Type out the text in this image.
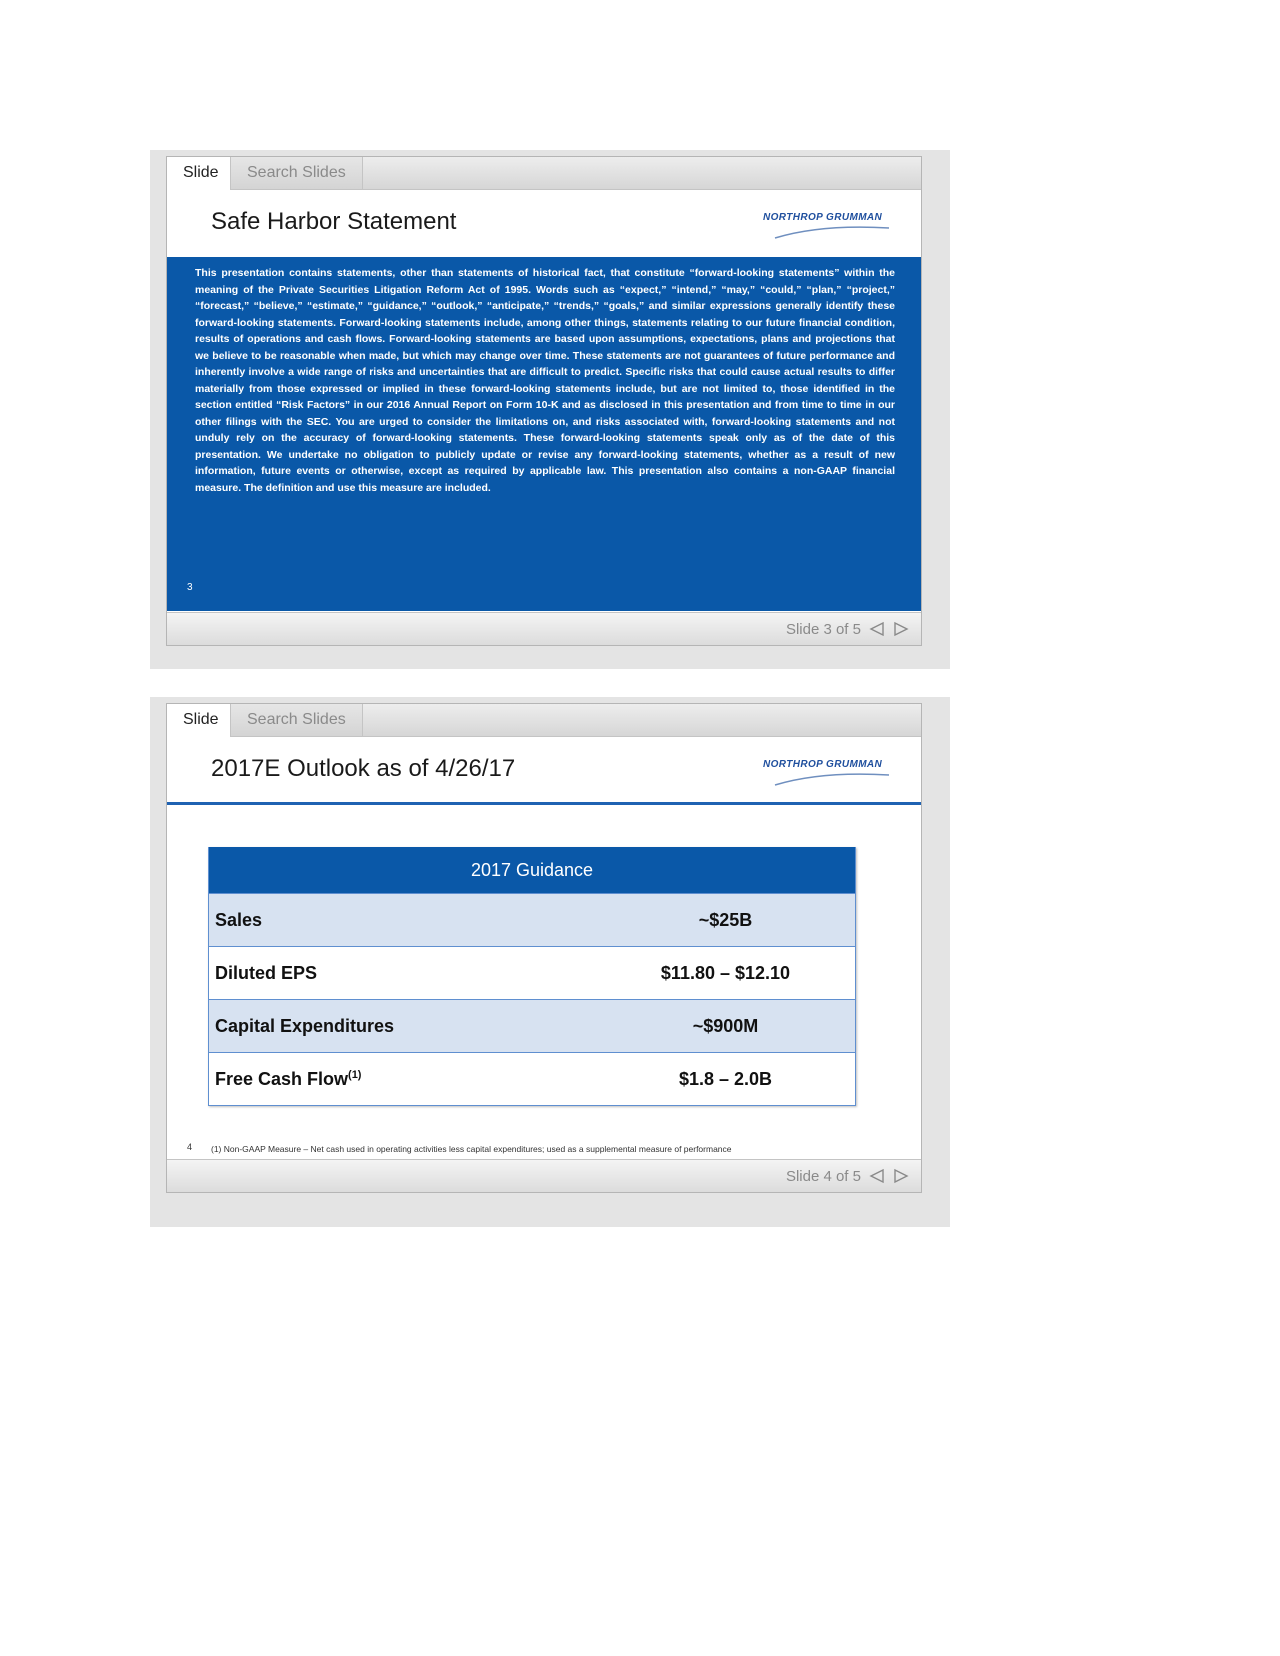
Slide	Search Slides
Safe Harbor Statement	NORTHROP GRUMMAN

This presentation contains statements, other than statements of historical fact, that constitute “forward-looking statements” within the meaning of the Private Securities Litigation Reform Act of 1995. Words such as “expect,” “intend,” “may,” “could,” “plan,” “project,” “forecast,” “believe,” “estimate,” “guidance,” “outlook,” “anticipate,” “trends,” “goals,” and similar expressions generally identify these forward-looking statements. Forward-looking statements include, among other things, statements relating to our future financial condition, results of operations and cash flows. Forward-looking statements are based upon assumptions, expectations, plans and projections that we believe to be reasonable when made, but which may change over time. These statements are not guarantees of future performance and inherently involve a wide range of risks and uncertainties that are difficult to predict. Specific risks that could cause actual results to differ materially from those expressed or implied in these forward-looking statements include, but are not limited to, those identified in the section entitled “Risk Factors” in our 2016 Annual Report on Form 10-K and as disclosed in this presentation and from time to time in our other filings with the SEC. You are urged to consider the limitations on, and risks associated with, forward-looking statements and not unduly rely on the accuracy of forward-looking statements. These forward-looking statements speak only as of the date of this presentation. We undertake no obligation to publicly update or revise any forward-looking statements, whether as a result of new information, future events or otherwise, except as required by applicable law. This presentation also contains a non-GAAP financial measure. The definition and use this measure are included.

3
Slide 3 of 5
Slide	Search Slides
2017E Outlook as of 4/26/17	NORTHROP GRUMMAN
2017 Guidance	
Sales	~$25B
Diluted EPS	$11.80 – $12.10
Capital Expenditures	~$900M
Free Cash Flow$^{(1)}$	$1.8 – 2.0B
4 (1) Non-GAAP Measure – Net cash used in operating activities less capital expenditures; used as a supplemental measure of performance
Slide 4 of 5
